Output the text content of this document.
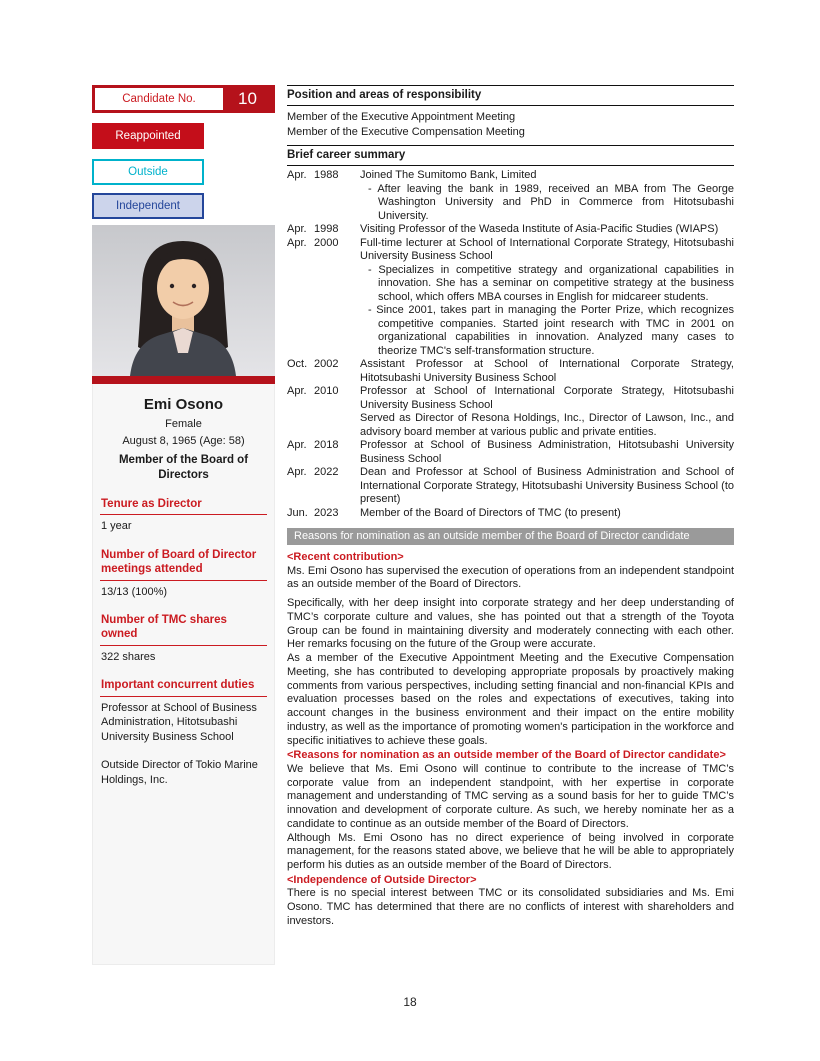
Candidate No.	10
Reappointed
Outside
Independent
Emi Osono
Female
August 8, 1965 (Age: 58)
Member of the Board of Directors
Tenure as Director
1 year
Number of Board of Director meetings attended
13/13 (100%)
Number of TMC shares owned
322 shares
Important concurrent duties
Professor at School of Business Administration, Hitotsubashi University Business School
Outside Director of Tokio Marine Holdings, Inc.
Position and areas of responsibility
Member of the Executive Appointment Meeting
Member of the Executive Compensation Meeting
Brief career summary
Apr. 1988	Joined The Sumitomo Bank, Limited
- After leaving the bank in 1989, received an MBA from The George Washington University and PhD in Commerce from Hitotsubashi University.
Apr. 1998	Visiting Professor of the Waseda Institute of Asia-Pacific Studies (WIAPS)
Apr. 2000	Full-time lecturer at School of International Corporate Strategy, Hitotsubashi University Business School
- Specializes in competitive strategy and organizational capabilities in innovation. She has a seminar on competitive strategy at the business school, which offers MBA courses in English for midcareer students.
- Since 2001, takes part in managing the Porter Prize, which recognizes competitive companies. Started joint research with TMC in 2001 on organizational capabilities in innovation. Analyzed many cases to theorize TMC's self-transformation structure.
Oct. 2002	Assistant Professor at School of International Corporate Strategy, Hitotsubashi University Business School
Apr. 2010	Professor at School of International Corporate Strategy, Hitotsubashi University Business School
Served as Director of Resona Holdings, Inc., Director of Lawson, Inc., and advisory board member at various public and private entities.
Apr. 2018	Professor at School of Business Administration, Hitotsubashi University Business School
Apr. 2022	Dean and Professor at School of Business Administration and School of International Corporate Strategy, Hitotsubashi University Business School (to present)
Jun. 2023	Member of the Board of Directors of TMC (to present)
Reasons for nomination as an outside member of the Board of Director candidate
<Recent contribution>
Ms. Emi Osono has supervised the execution of operations from an independent standpoint as an outside member of the Board of Directors.
Specifically, with her deep insight into corporate strategy and her deep understanding of TMC’s corporate culture and values, she has pointed out that a strength of the Toyota Group can be found in maintaining diversity and moderately connecting with each other. Her remarks focusing on the future of the Group were accurate.
As a member of the Executive Appointment Meeting and the Executive Compensation Meeting, she has contributed to developing appropriate proposals by proactively making comments from various perspectives, including setting financial and non-financial KPIs and evaluation processes based on the roles and expectations of executives, taking into account changes in the business environment and their impact on the entire mobility industry, as well as the importance of promoting women's participation in the workforce and specific initiatives to achieve these goals.
<Reasons for nomination as an outside member of the Board of Director candidate>
We believe that Ms. Emi Osono will continue to contribute to the increase of TMC’s corporate value from an independent standpoint, with her expertise in corporate management and understanding of TMC serving as a sound basis for her to guide TMC’s innovation and development of corporate culture. As such, we hereby nominate her as a candidate to continue as an outside member of the Board of Directors.
Although Ms. Emi Osono has no direct experience of being involved in corporate management, for the reasons stated above, we believe that he will be able to appropriately perform his duties as an outside member of the Board of Directors.
<Independence of Outside Director>
There is no special interest between TMC or its consolidated subsidiaries and Ms. Emi Osono. TMC has determined that there are no conflicts of interest with shareholders and investors.
18
